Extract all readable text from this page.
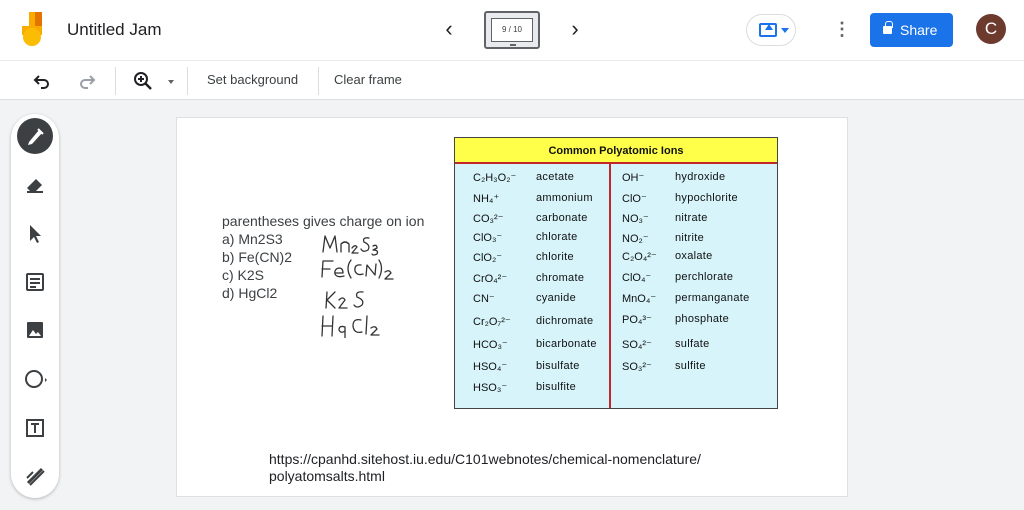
Untitled Jam	‹	9 / 10	›	⋮	Share	C
Set background	Clear frame
parentheses gives charge on ion
a) Mn2S3
b) Fe(CN)2
c) K2S
d) HgCl2
https://cpanhd.sitehost.iu.edu/C101webnotes/chemical-nomenclature/
polyatomsalts.html
Common Polyatomic Ions
C₂H₃O₂⁻ acetate
NH₄⁺	ammonium
CO₃²⁻	carbonate
ClO₃⁻	chlorate
ClO₂⁻	chlorite
CrO₄²⁻	chromate
CN⁻	cyanide
Cr₂O₇²⁻ dichromate
HCO₃⁻	bicarbonate
HSO₄⁻	bisulfate
HSO₃⁻	bisulfite
OH⁻	hydroxide
ClO⁻	hypochlorite
NO₃⁻ nitrate
NO₂⁻ nitrite
C₂O₄²⁻ oxalate
ClO₄⁻ perchlorate
MnO₄⁻ permanganate
PO₄³⁻ phosphate
SO₄²⁻ sulfate
SO₃²⁻ sulfite
